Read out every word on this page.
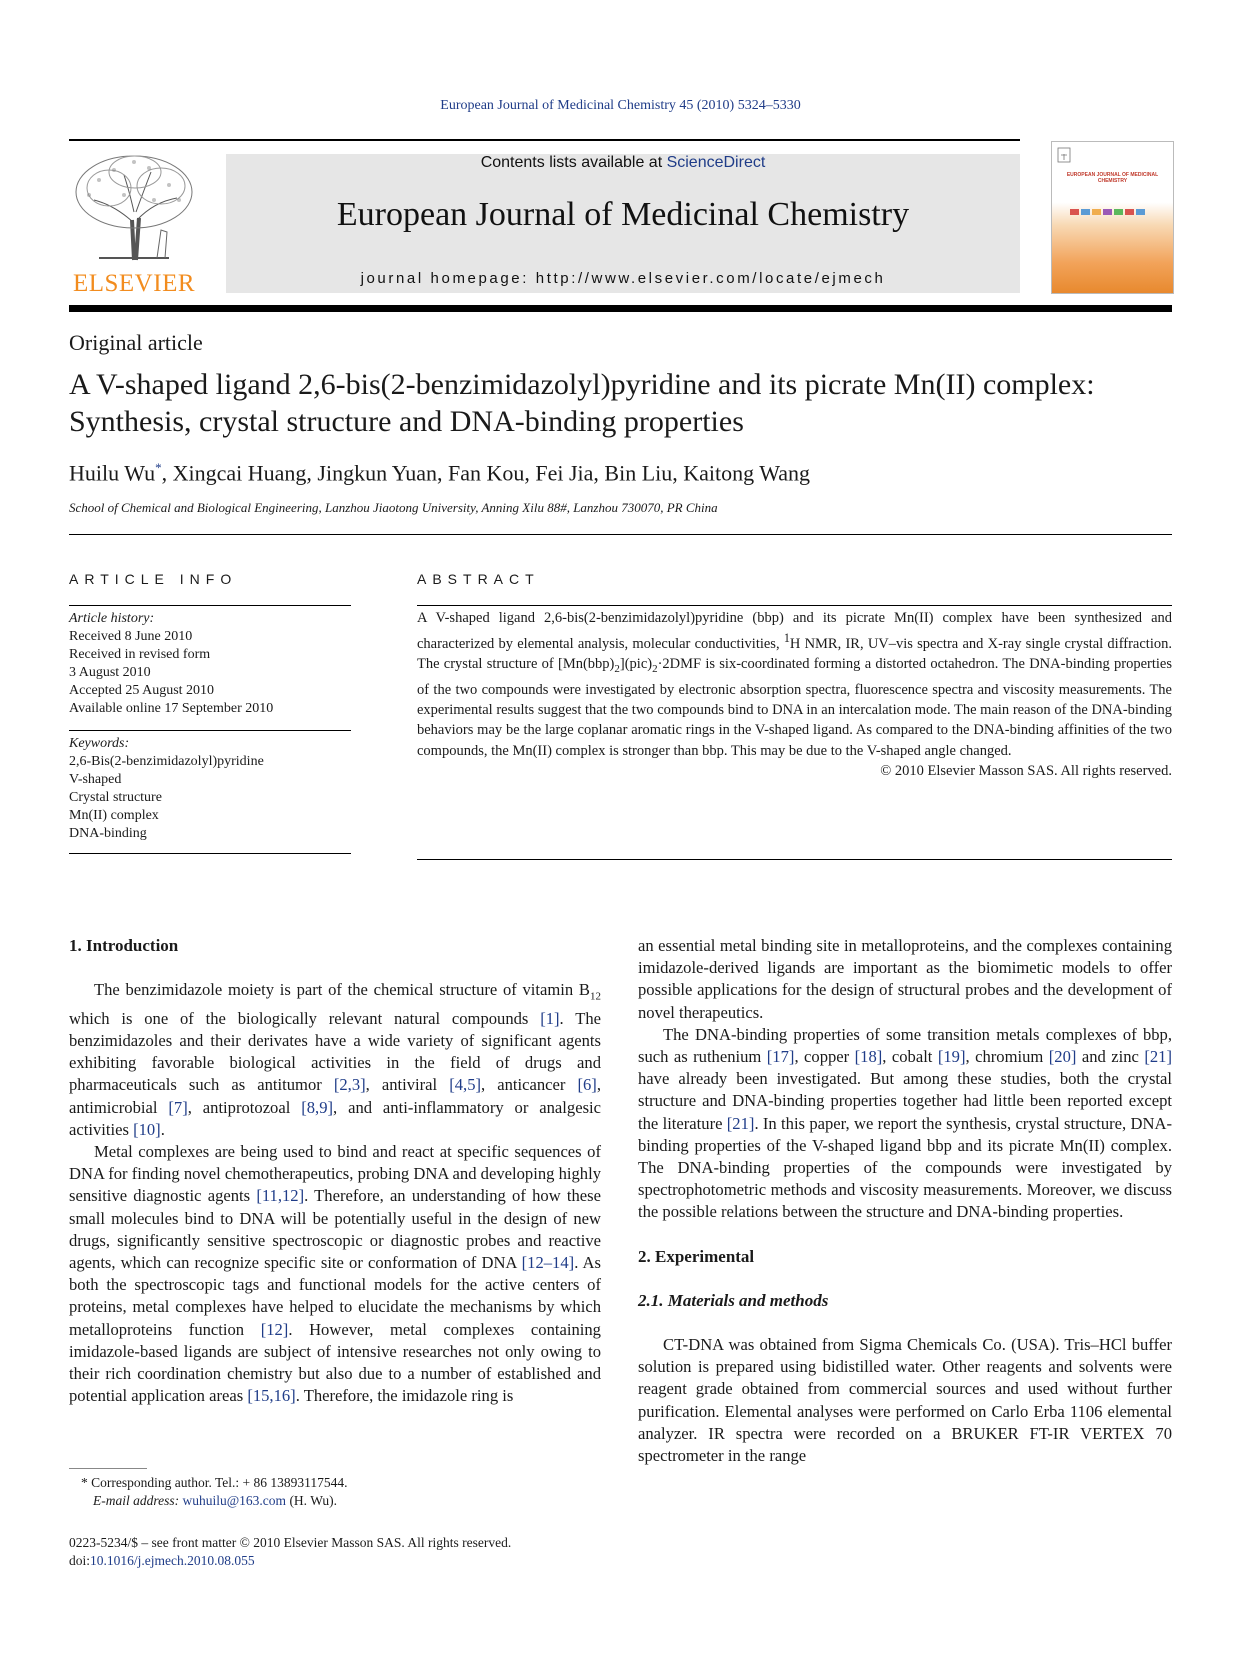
European Journal of Medicinal Chemistry 45 (2010) 5324–5330
ELSEVIER
Contents lists available at ScienceDirect
European Journal of Medicinal Chemistry
journal homepage: http://www.elsevier.com/locate/ejmech
EUROPEAN JOURNAL OF MEDICINAL CHEMISTRY
Original article
A V-shaped ligand 2,6-bis(2-benzimidazolyl)pyridine and its picrate Mn(II) complex: Synthesis, crystal structure and DNA-binding properties
Huilu Wu*, Xingcai Huang, Jingkun Yuan, Fan Kou, Fei Jia, Bin Liu, Kaitong Wang
School of Chemical and Biological Engineering, Lanzhou Jiaotong University, Anning Xilu 88#, Lanzhou 730070, PR China
ARTICLE INFO	ABSTRACT
Article history:
Received 8 June 2010
Received in revised form
3 August 2010
Accepted 25 August 2010
Available online 17 September 2010
Keywords:
2,6-Bis(2-benzimidazolyl)pyridine
V-shaped
Crystal structure
Mn(II) complex
DNA-binding
A V-shaped ligand 2,6-bis(2-benzimidazolyl)pyridine (bbp) and its picrate Mn(II) complex have been synthesized and characterized by elemental analysis, molecular conductivities, $^1$H NMR, IR, UV–vis spectra and X-ray single crystal diffraction. The crystal structure of $[Mn(bbp)_2](pic)_2\cdot 2DMF$ is six-coordinated forming a distorted octahedron. The DNA-binding properties of the two compounds were investigated by electronic absorption spectra, fluorescence spectra and viscosity measurements. The experimental results suggest that the two compounds bind to DNA in an intercalation mode. The main reason of the DNA-binding behaviors may be the large coplanar aromatic rings in the V-shaped ligand. As compared to the DNA-binding affinities of the two compounds, the Mn(II) complex is stronger than bbp. This may be due to the V-shaped angle changed.
© 2010 Elsevier Masson SAS. All rights reserved.
1. Introduction

The benzimidazole moiety is part of the chemical structure of vitamin $B_{12}$ which is one of the biologically relevant natural compounds [1]. The benzimidazoles and their derivates have a wide variety of significant agents exhibiting favorable biological activities in the field of drugs and pharmaceuticals such as antitumor [2,3], antiviral [4,5], anticancer [6], antimicrobial [7], antiprotozoal [8,9], and anti-inflammatory or analgesic activities [10].

Metal complexes are being used to bind and react at specific sequences of DNA for finding novel chemotherapeutics, probing DNA and developing highly sensitive diagnostic agents [11,12]. Therefore, an understanding of how these small molecules bind to DNA will be potentially useful in the design of new drugs, significantly sensitive spectroscopic or diagnostic probes and reactive agents, which can recognize specific site or conformation of DNA [12–14]. As both the spectroscopic tags and functional models for the active centers of proteins, metal complexes have helped to elucidate the mechanisms by which metalloproteins function [12]. However, metal complexes containing imidazole-based ligands are subject of intensive researches not only owing to their rich coordination chemistry but also due to a number of established and potential application areas [15,16]. Therefore, the imidazole ring is

an essential metal binding site in metalloproteins, and the complexes containing imidazole-derived ligands are important as the biomimetic models to offer possible applications for the design of structural probes and the development of novel therapeutics.

The DNA-binding properties of some transition metals complexes of bbp, such as ruthenium [17], copper [18], cobalt [19], chromium [20] and zinc [21] have already been investigated. But among these studies, both the crystal structure and DNA-binding properties together had little been reported except the literature [21]. In this paper, we report the synthesis, crystal structure, DNA-binding properties of the V-shaped ligand bbp and its picrate Mn(II) complex. The DNA-binding properties of the compounds were investigated by spectrophotometric methods and viscosity measurements. Moreover, we discuss the possible relations between the structure and DNA-binding properties.

2. Experimental
2.1. Materials and methods

CT-DNA was obtained from Sigma Chemicals Co. (USA). Tris–HCl buffer solution is prepared using bidistilled water. Other reagents and solvents were reagent grade obtained from commercial sources and used without further purification. Elemental analyses were performed on Carlo Erba 1106 elemental analyzer. IR spectra were recorded on a BRUKER FT-IR VERTEX 70 spectrometer in the range

* Corresponding author. Tel.: + 86 13893117544.
E-mail address: wuhuilu@163.com (H. Wu).
0223-5234/$ – see front matter © 2010 Elsevier Masson SAS. All rights reserved.
doi:10.1016/j.ejmech.2010.08.055
